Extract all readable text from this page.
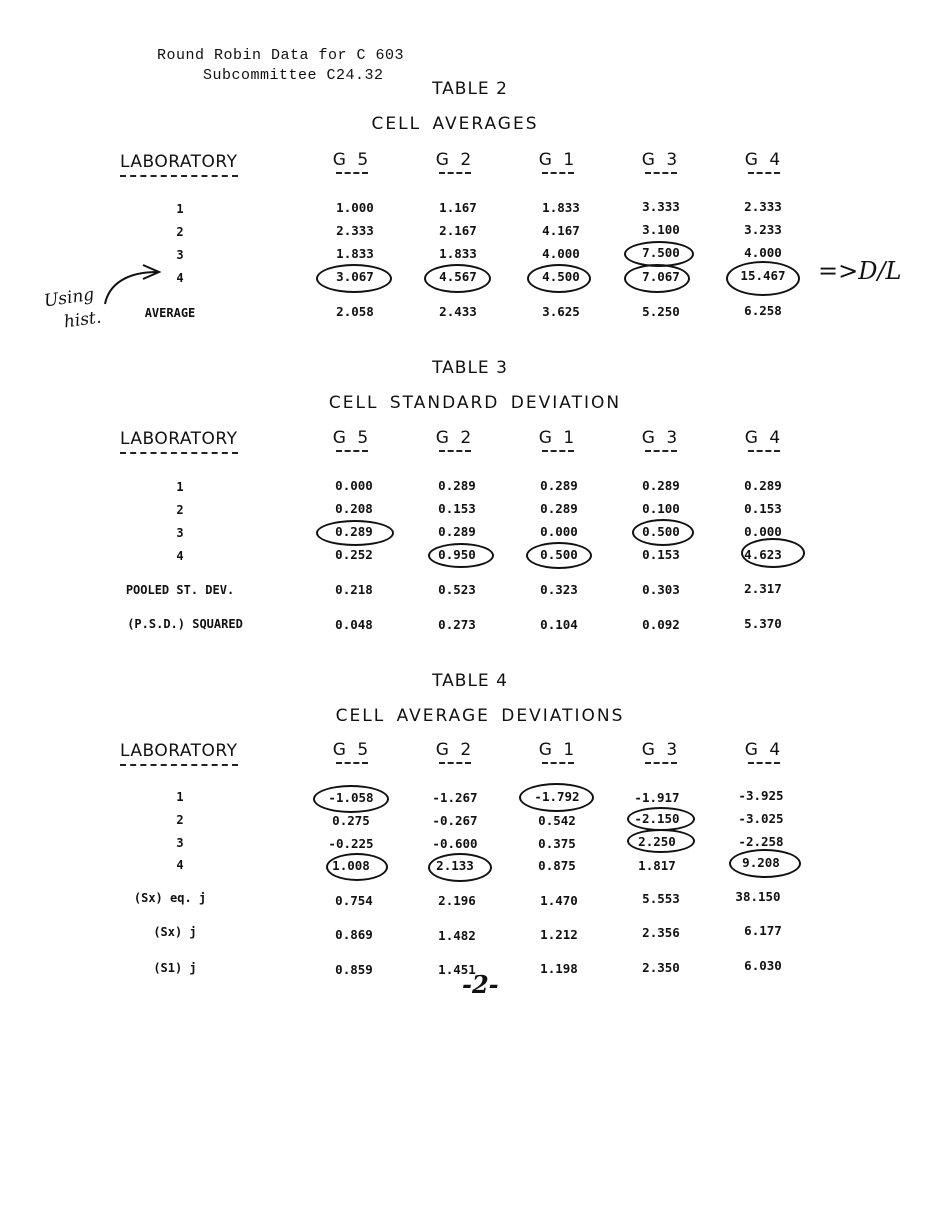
Round Robin Data for C 603
Subcommittee C24.32
TABLE 2
CELL AVERAGES
LABORATORY	G 5	G 2	G 1	G 3	G 4
1	1.000	1.167	1.833	3.333	2.333
2	2.333	2.167	4.167	3.100	3.233
3	1.833	1.833	4.000	7.500	4.000
4	3.067	4.567	4.500	7.067	15.467
AVERAGE	2.058	2.433	3.625	5.250	6.258
Using
hist.
=>D/L
TABLE 3
CELL STANDARD DEVIATION
LABORATORY	G 5	G 2	G 1	G 3	G 4
1	0.000	0.289	0.289	0.289	0.289
2	0.208	0.153	0.289	0.100	0.153
3	0.289	0.289	0.000	0.500	0.000
4	0.252	0.950	0.500	0.153	4.623
POOLED ST. DEV.	0.218	0.523	0.323	0.303	2.317
(P.S.D.) SQUARED	0.048	0.273	0.104	0.092	5.370
TABLE 4
CELL AVERAGE DEVIATIONS
LABORATORY	G 5	G 2	G 1	G 3	G 4
1	-1.058	-1.267	-1.792	-1.917	-3.925
2	0.275	-0.267	0.542	-2.150	-3.025
3	-0.225	-0.600	0.375	2.250	-2.258
4	1.008	2.133	0.875	1.817	9.208
(Sx) eq. j	0.754	2.196	1.470	5.553	38.150
(Sx) j	0.869	1.482	1.212	2.356	6.177
(S1) j	0.859	1.451	1.198	2.350	6.030
-2-
